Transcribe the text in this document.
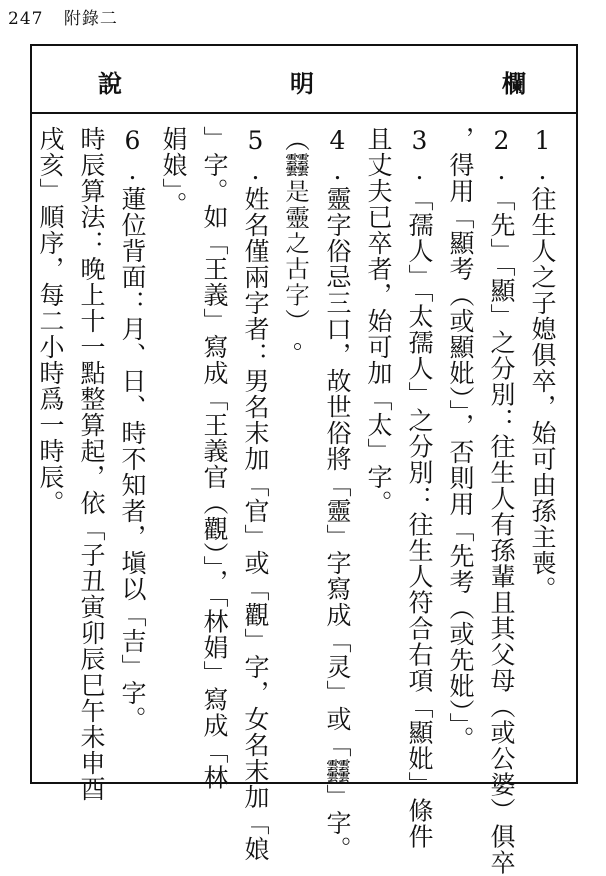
247 附錄二
說	明	欄
1.往生人之子媳俱卒，始可由孫主喪。
2.「先」「顯」之分別：往生人有孫輩且其父母（或公婆）俱卒
，得用「顯考（或顯妣）」，否則用「先考（或先妣）」。
3.「孺人」「太孺人」之分別：往生人符合右項「顯妣」條件
且丈夫已卒者，始可加「太」字。
4.靈字俗忌三口，故世俗將「靈」字寫成「灵」或「𩇔」字。
（𩇔是靈之古字）。
5.姓名僅兩字者：男名末加「官」或「觀」字，女名末加「娘
」字。如「王義」寫成「王義官（觀）」，「林娟」寫成「林
娟娘」。
6.蓮位背面：月、日、時不知者，塡以「吉」字。
時辰算法：晚上十一點整算起，依「子丑寅卯辰巳午未申酉
戌亥」順序，每二小時爲一時辰。
